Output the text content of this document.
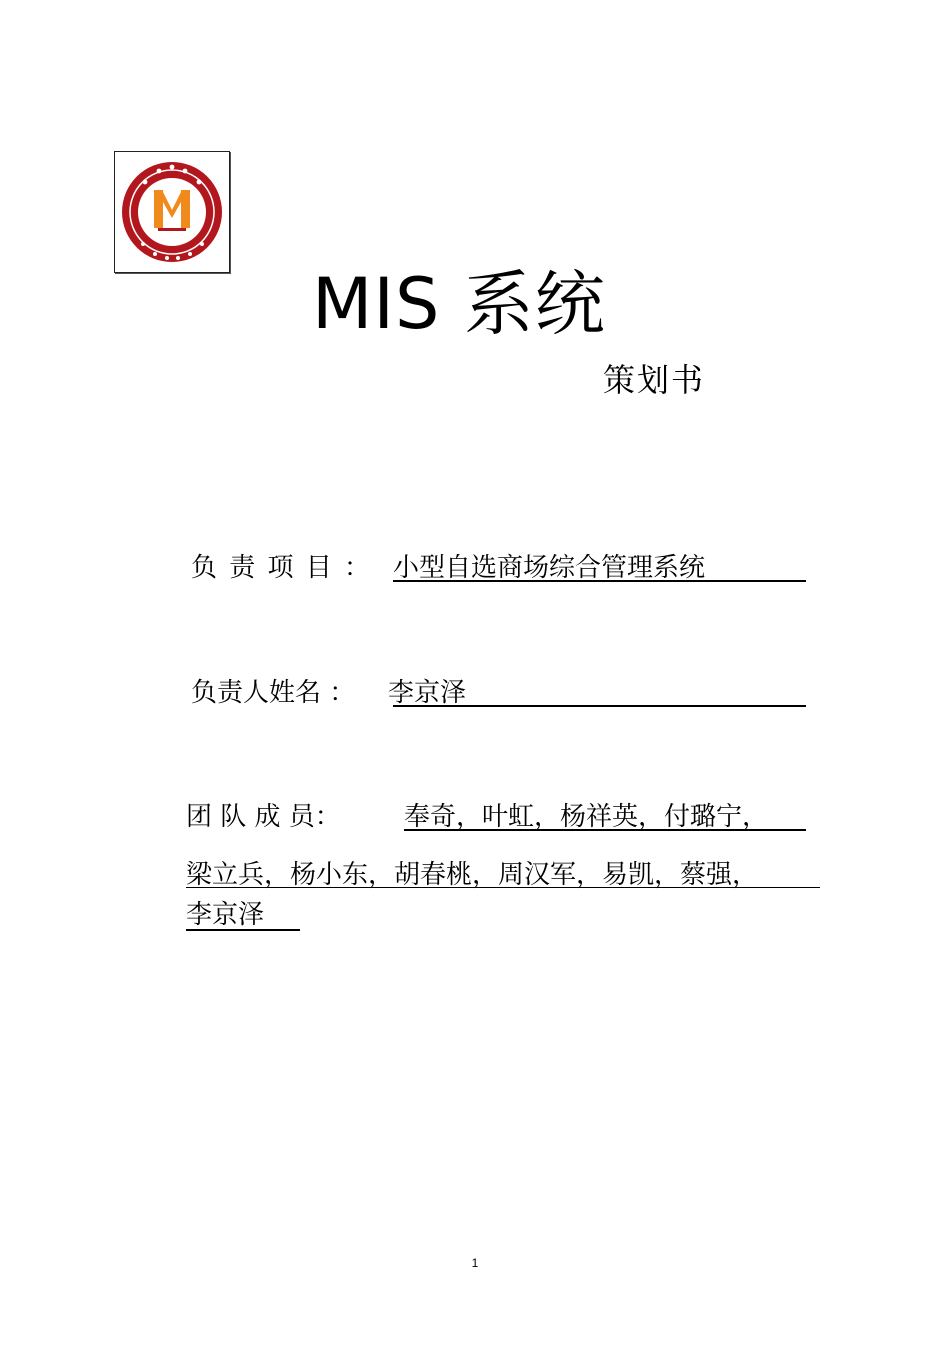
MIS 系统
策划书
负 责 项 目 ： 小型自选商场综合管理系统
负责人姓名 ： 李京泽
团 队 成 员： 奉奇，叶虹，杨祥英，付璐宁，
梁立兵，杨小东，胡春桃，周汉军，易凯，蔡强，
李京泽
1
